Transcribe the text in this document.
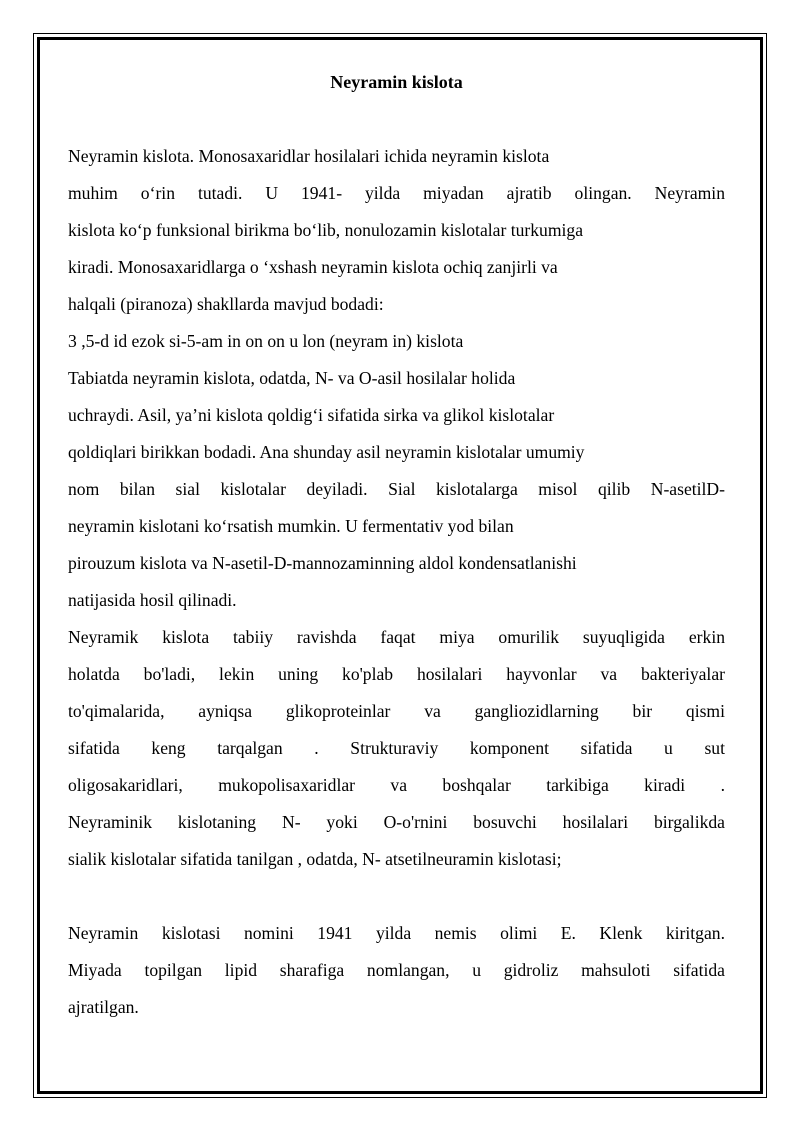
Neyramin kislota
Neyramin kislota. Monosaxaridlar hosilalari ichida neyramin kislota
muhim o‘rin tutadi. U 1941- yilda miyadan ajratib olingan. Neyramin
kislota ko‘p funksional birikma bo‘lib, nonulozamin kislotalar turkumiga
kiradi. Monosaxaridlarga o ‘xshash neyramin kislota ochiq zanjirli va
halqali (piranoza) shakllarda mavjud bodadi:
3 ,5-d id ezok si-5-am in on on u lon (neyram in) kislota
Tabiatda neyramin kislota, odatda, N- va O-asil hosilalar holida
uchraydi. Asil, ya’ni kislota qoldig‘i sifatida sirka va glikol kislotalar
qoldiqlari birikkan bodadi. Ana shunday asil neyramin kislotalar umumiy
nom bilan sial kislotalar deyiladi. Sial kislotalarga misol qilib N-asetilD-
neyramin kislotani ko‘rsatish mumkin. U fermentativ yod bilan
pirouzum kislota va N-asetil-D-mannozaminning aldol kondensatlanishi
natijasida hosil qilinadi.
Neyramik kislota tabiiy ravishda faqat miya omurilik suyuqligida erkin
holatda bo'ladi, lekin uning ko'plab hosilalari hayvonlar va bakteriyalar
to'qimalarida, ayniqsa glikoproteinlar va gangliozidlarning bir qismi
sifatida keng tarqalgan . Strukturaviy komponent sifatida u sut
oligosakaridlari, mukopolisaxaridlar va boshqalar tarkibiga kiradi .
Neyraminik kislotaning N- yoki O-o'rnini bosuvchi hosilalari birgalikda
sialik kislotalar sifatida tanilgan , odatda, N- atsetilneuramin kislotasi;
Neyramin kislotasi nomini 1941 yilda nemis olimi E. Klenk kiritgan.
Miyada topilgan lipid sharafiga nomlangan, u gidroliz mahsuloti sifatida
ajratilgan.
